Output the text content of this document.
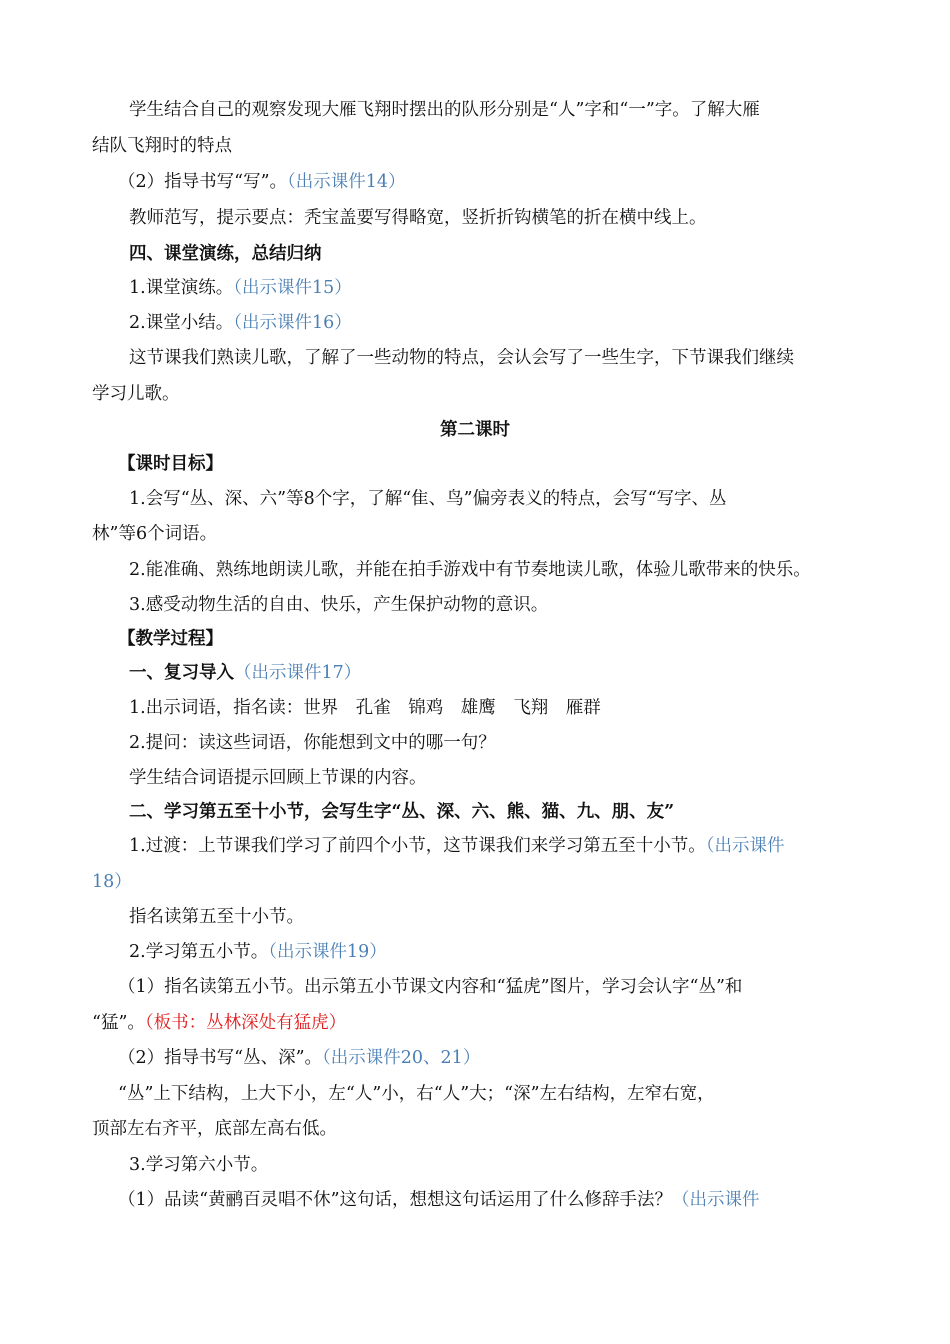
学生结合自己的观察发现大雁飞翔时摆出的队形分别是“人”字和“一”字。了解大雁
结队飞翔时的特点
（2）指导书写“写”。（出示课件14）
教师范写，提示要点：秃宝盖要写得略宽，竖折折钩横笔的折在横中线上。
四、课堂演练，总结归纳
1.课堂演练。（出示课件15）
2.课堂小结。（出示课件16）
这节课我们熟读儿歌，了解了一些动物的特点，会认会写了一些生字，下节课我们继续
学习儿歌。
第二课时
【课时目标】
1.会写“丛、深、六”等8个字，了解“隹、鸟”偏旁表义的特点，会写“写字、丛
林”等6个词语。
2.能准确、熟练地朗读儿歌，并能在拍手游戏中有节奏地读儿歌，体验儿歌带来的快乐。
3.感受动物生活的自由、快乐，产生保护动物的意识。
【教学过程】
一、复习导入（出示课件17）
1.出示词语，指名读：世界　孔雀　锦鸡　雄鹰　飞翔　雁群
2.提问：读这些词语，你能想到文中的哪一句？
学生结合词语提示回顾上节课的内容。
二、学习第五至十小节，会写生字“丛、深、六、熊、猫、九、朋、友”
1.过渡：上节课我们学习了前四个小节，这节课我们来学习第五至十小节。（出示课件
18）
指名读第五至十小节。
2.学习第五小节。（出示课件19）
（1）指名读第五小节。出示第五小节课文内容和“猛虎”图片，学习会认字“丛”和
“猛”。（板书：丛林深处有猛虎）
（2）指导书写“丛、深”。（出示课件20、21）
“丛”上下结构，上大下小，左“人”小，右“人”大；“深”左右结构，左窄右宽，
顶部左右齐平，底部左高右低。
3.学习第六小节。
（1）品读“黄鹂百灵唱不休”这句话，想想这句话运用了什么修辞手法？（出示课件
